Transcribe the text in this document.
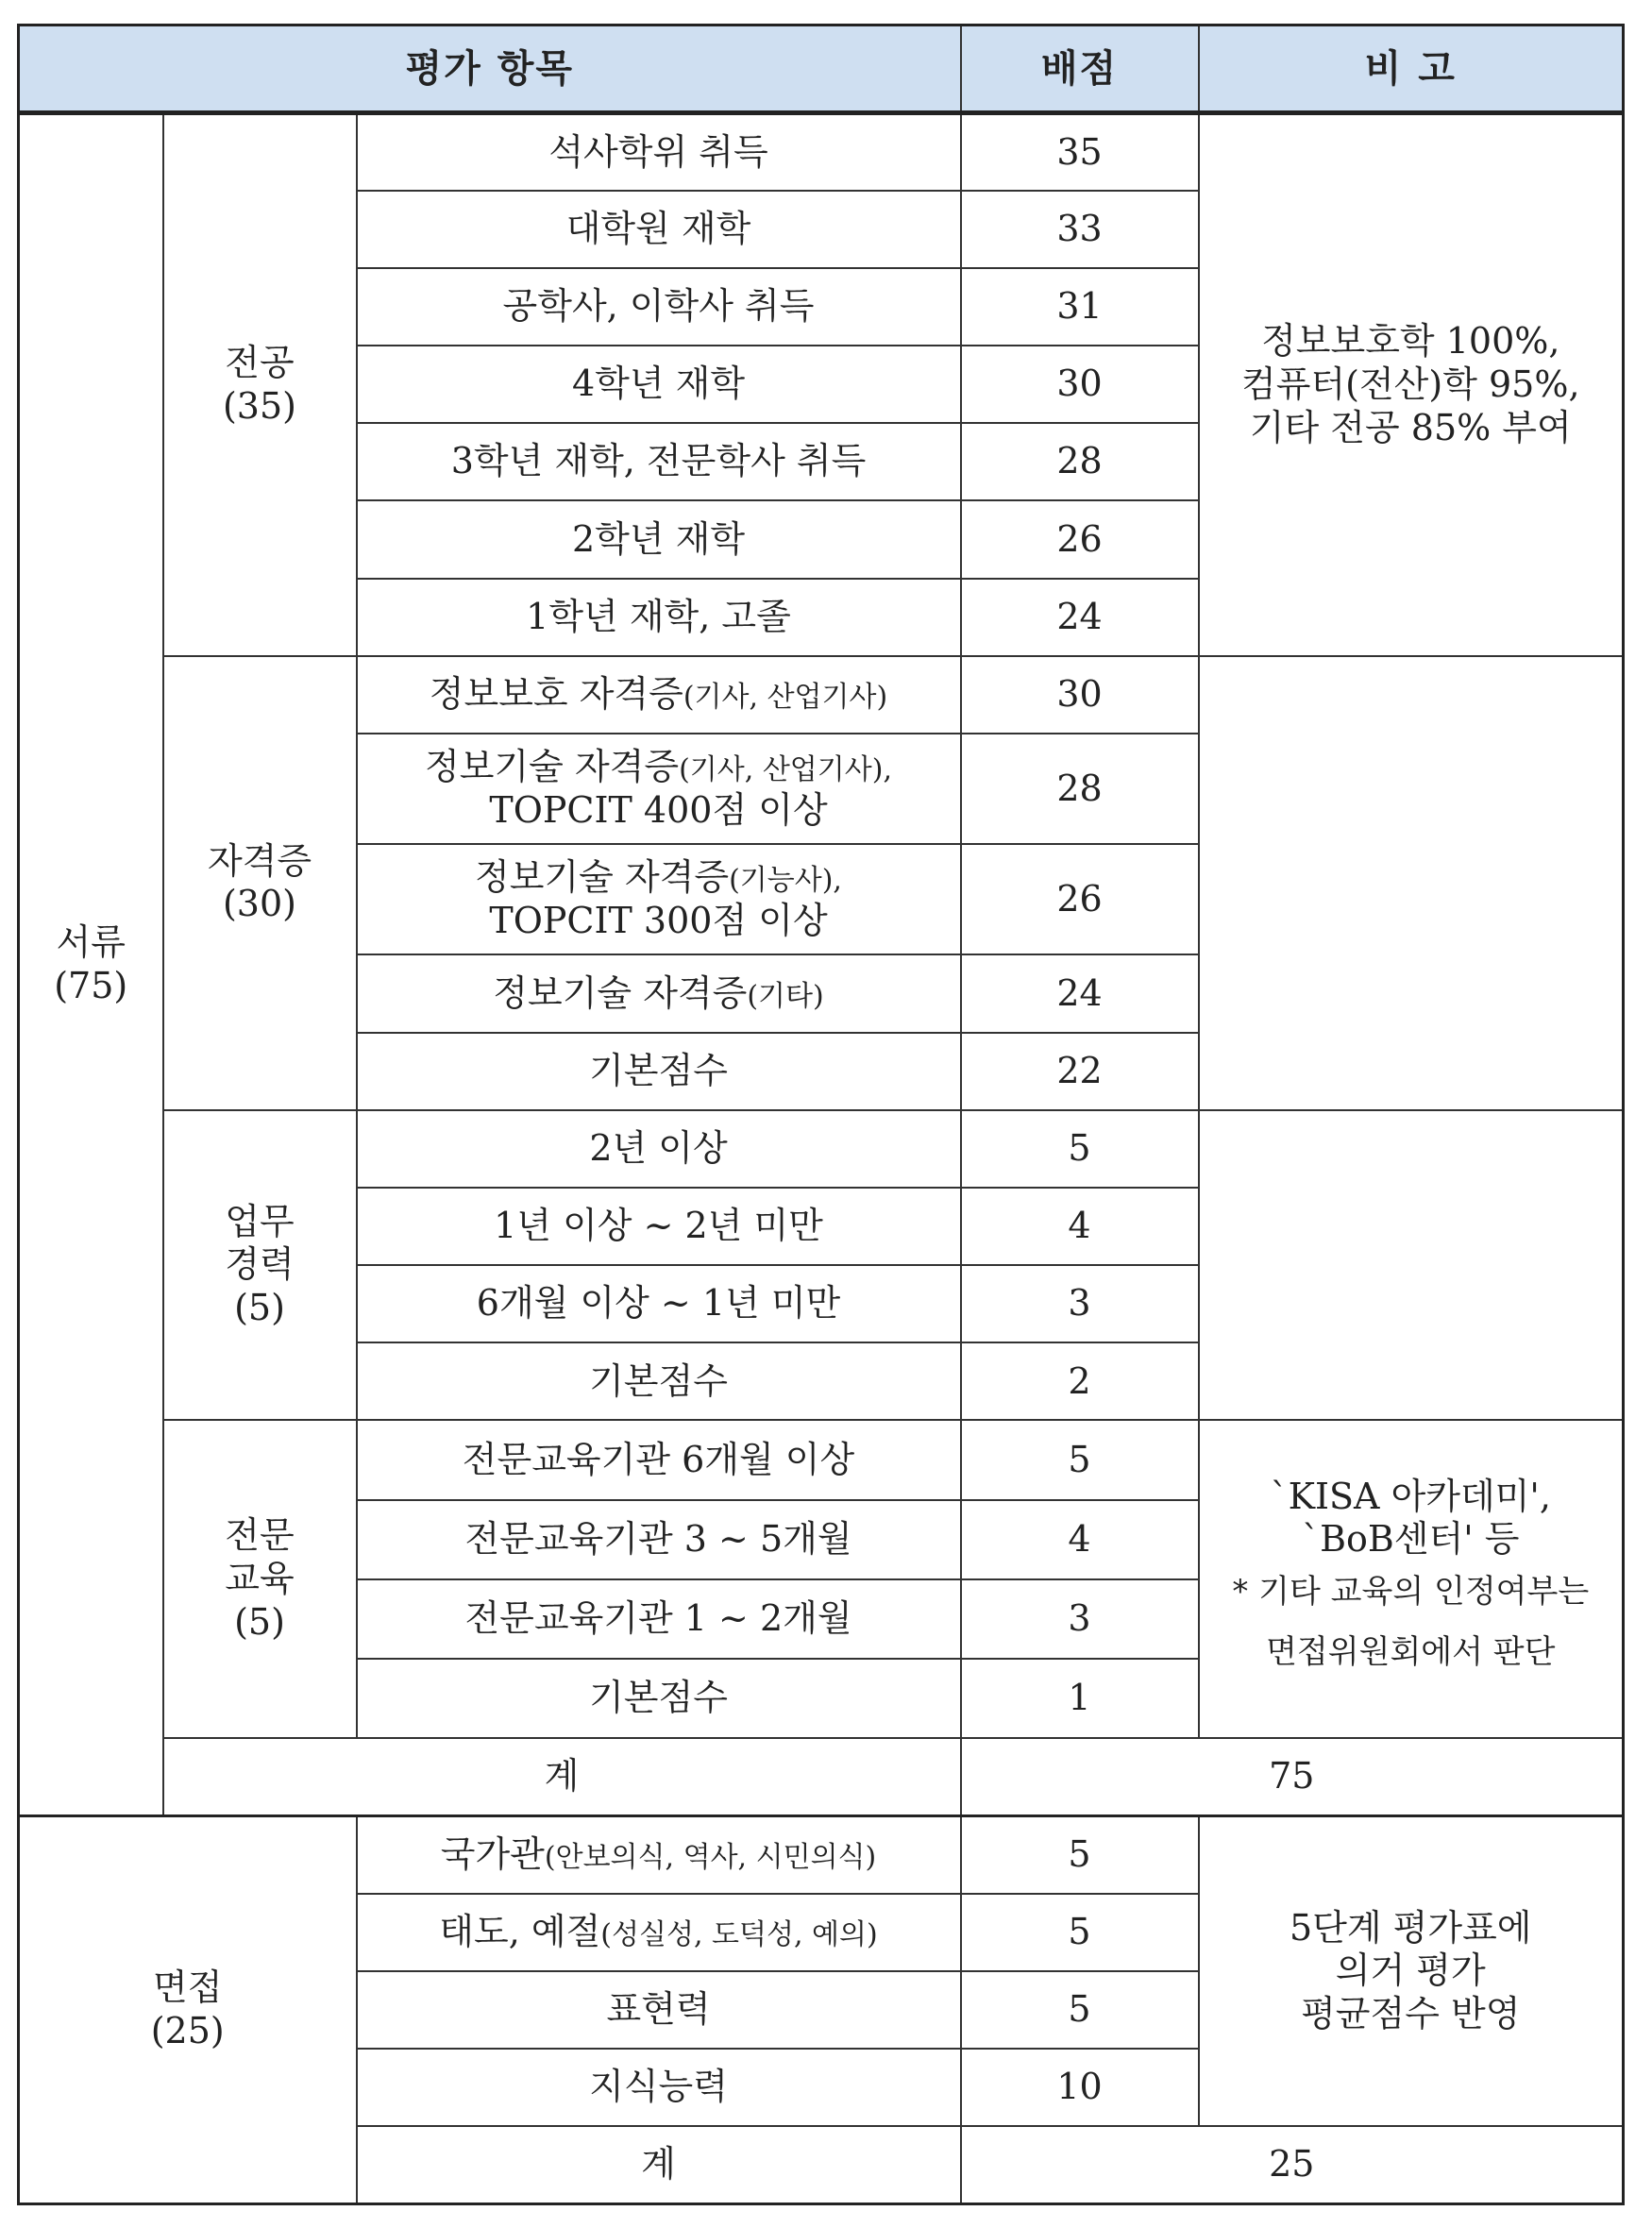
평가 항목			배점	비 고

서류
(75)	전공
(35)	석사학위 취득	35	정보보호학 100%,
컴퓨터(전산)학 95%,
기타 전공 85% 부여

		대학원 재학	33	
		공학사, 이학사 취득	31	
		4학년 재학	30	
		3학년 재학, 전문학사 취득	28	
		2학년 재학	26	
		1학년 재학, 고졸	24	

	자격증
(30)	정보보호 자격증(기사, 산업기사)	30	
		정보기술 자격증(기사, 산업기사),
TOPCIT 400점 이상	28	
		정보기술 자격증(기능사),
TOPCIT 300점 이상	26	
		정보기술 자격증(기타)	24	
		기본점수	22	

	업무
경력
(5)	2년 이상	5	
		1년 이상 ~ 2년 미만	4	
		6개월 이상 ~ 1년 미만	3	
		기본점수	2	

	전문
교육
(5)	전문교육기관 6개월 이상	5	`KISA 아카데미',
`BoB센터' 등
* 기타 교육의 인정여부는
면접위원회에서 판단

		전문교육기관 3 ~ 5개월	4	
		전문교육기관 1 ~ 2개월	3	
		기본점수	1	
	계		75	

면접
(25)		국가관(안보의식, 역사, 시민의식)	5	5단계 평가표에
의거 평가
평균점수 반영

		태도, 예절(성실성, 도덕성, 예의)	5	
		표현력	5	
		지식능력	10	
		계	25	
